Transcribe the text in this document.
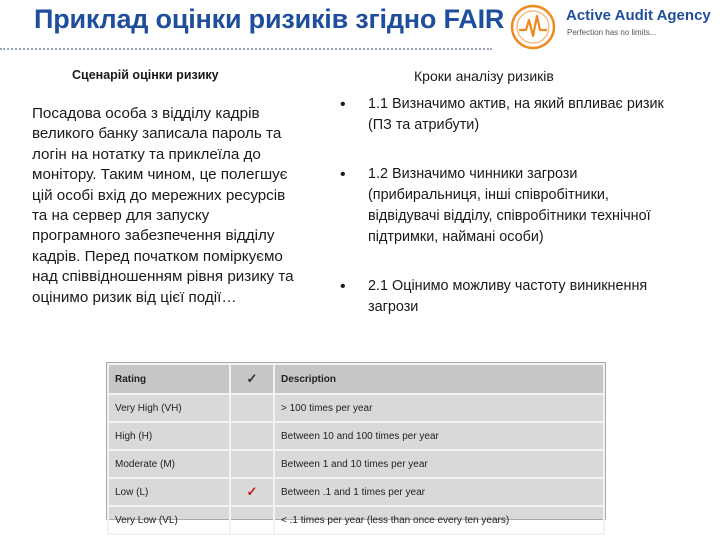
Приклад оцінки ризиків згідно FAIR	Active Audit Agency
Perfection has no limits...
Сценарій оцінки ризику
Посадова особа з відділу кадрів великого банку записала пароль та логін на нотатку та приклеїла до монітору. Таким чином, це полегшує цій особі вхід до мережних ресурсів та на сервер для запуску програмного забезпечення відділу кадрів. Перед початком поміркуємо над співвідношенням рівня ризику та оцінимо ризик від цієї події…
Кроки аналізу ризиків
• 1.1 Визначимо актив, на який впливає ризик (ПЗ та атрибути)
• 1.2 Визначимо чинники загрози (прибиральниця, інші співробітники, відвідувачі відділу, співробітники технічної підтримки, наймані особи)
• 2.1 Оцінимо можливу частоту виникнення загрози
Rating	✓	Description
Very High (VH)		> 100 times per year
High (H)		Between 10 and 100 times per year
Moderate (M)		Between 1 and 10 times per year
Low (L)	✓	Between .1 and 1 times per year
Very Low (VL)		< .1 times per year (less than once every ten years)
